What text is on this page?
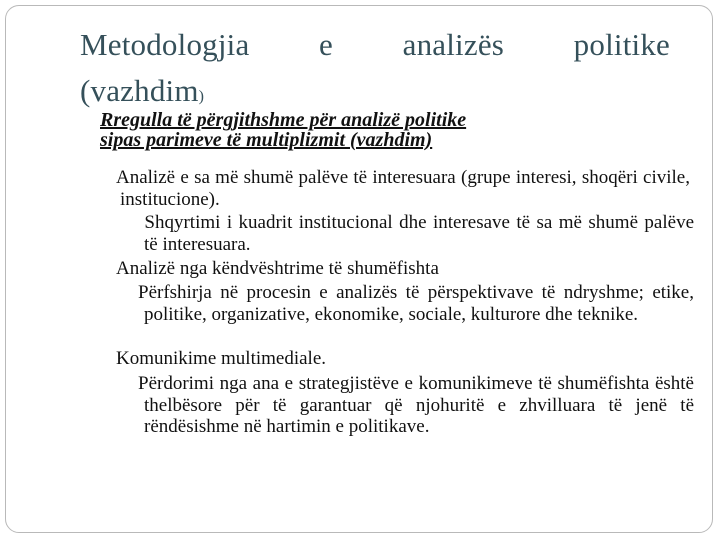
Metodologjia e analizës politike
(vazhdim)
Rregulla të përgjithshme për analizë politike
sipas parimeve të multiplizmit (vazhdim)
Analizë e sa më shumë palëve të interesuara (grupe interesi, shoqëri civile, institucione).
Shqyrtimi i kuadrit institucional dhe interesave të sa më shumë palëve të interesuara.
Analizë nga këndvështrime të shumëfishta
Përfshirja në procesin e analizës të përspektivave të ndryshme; etike, politike, organizative, ekonomike, sociale, kulturore dhe teknike.
Komunikime multimediale.
Përdorimi nga ana e strategjistëve e komunikimeve të shumëfishta është thelbësore për të garantuar që njohuritë e zhvilluara të jenë të rëndësishme në hartimin e politikave.
